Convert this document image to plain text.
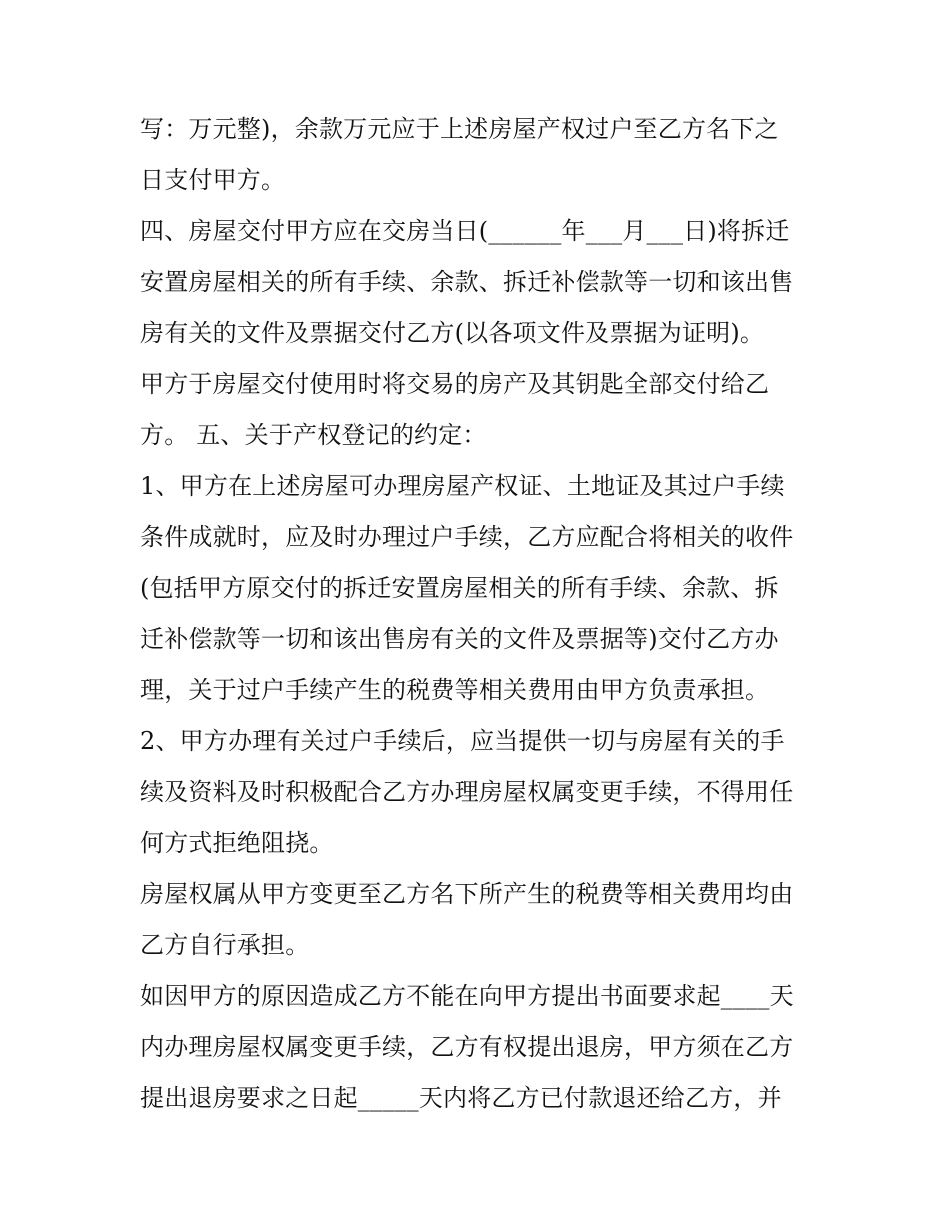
写：万元整)，余款万元应于上述房屋产权过户至乙方名下之
日支付甲方。
四、房屋交付甲方应在交房当日(______年___月___日)将拆迁
安置房屋相关的所有手续、余款、拆迁补偿款等一切和该出售
房有关的文件及票据交付乙方(以各项文件及票据为证明)。
甲方于房屋交付使用时将交易的房产及其钥匙全部交付给乙
方。 五、关于产权登记的约定：
1、甲方在上述房屋可办理房屋产权证、土地证及其过户手续
条件成就时，应及时办理过户手续，乙方应配合将相关的收件
(包括甲方原交付的拆迁安置房屋相关的所有手续、余款、拆
迁补偿款等一切和该出售房有关的文件及票据等)交付乙方办
理，关于过户手续产生的税费等相关费用由甲方负责承担。
2、甲方办理有关过户手续后，应当提供一切与房屋有关的手
续及资料及时积极配合乙方办理房屋权属变更手续，不得用任
何方式拒绝阻挠。
房屋权属从甲方变更至乙方名下所产生的税费等相关费用均由
乙方自行承担。
如因甲方的原因造成乙方不能在向甲方提出书面要求起____天
内办理房屋权属变更手续，乙方有权提出退房，甲方须在乙方
提出退房要求之日起_____天内将乙方已付款退还给乙方，并
